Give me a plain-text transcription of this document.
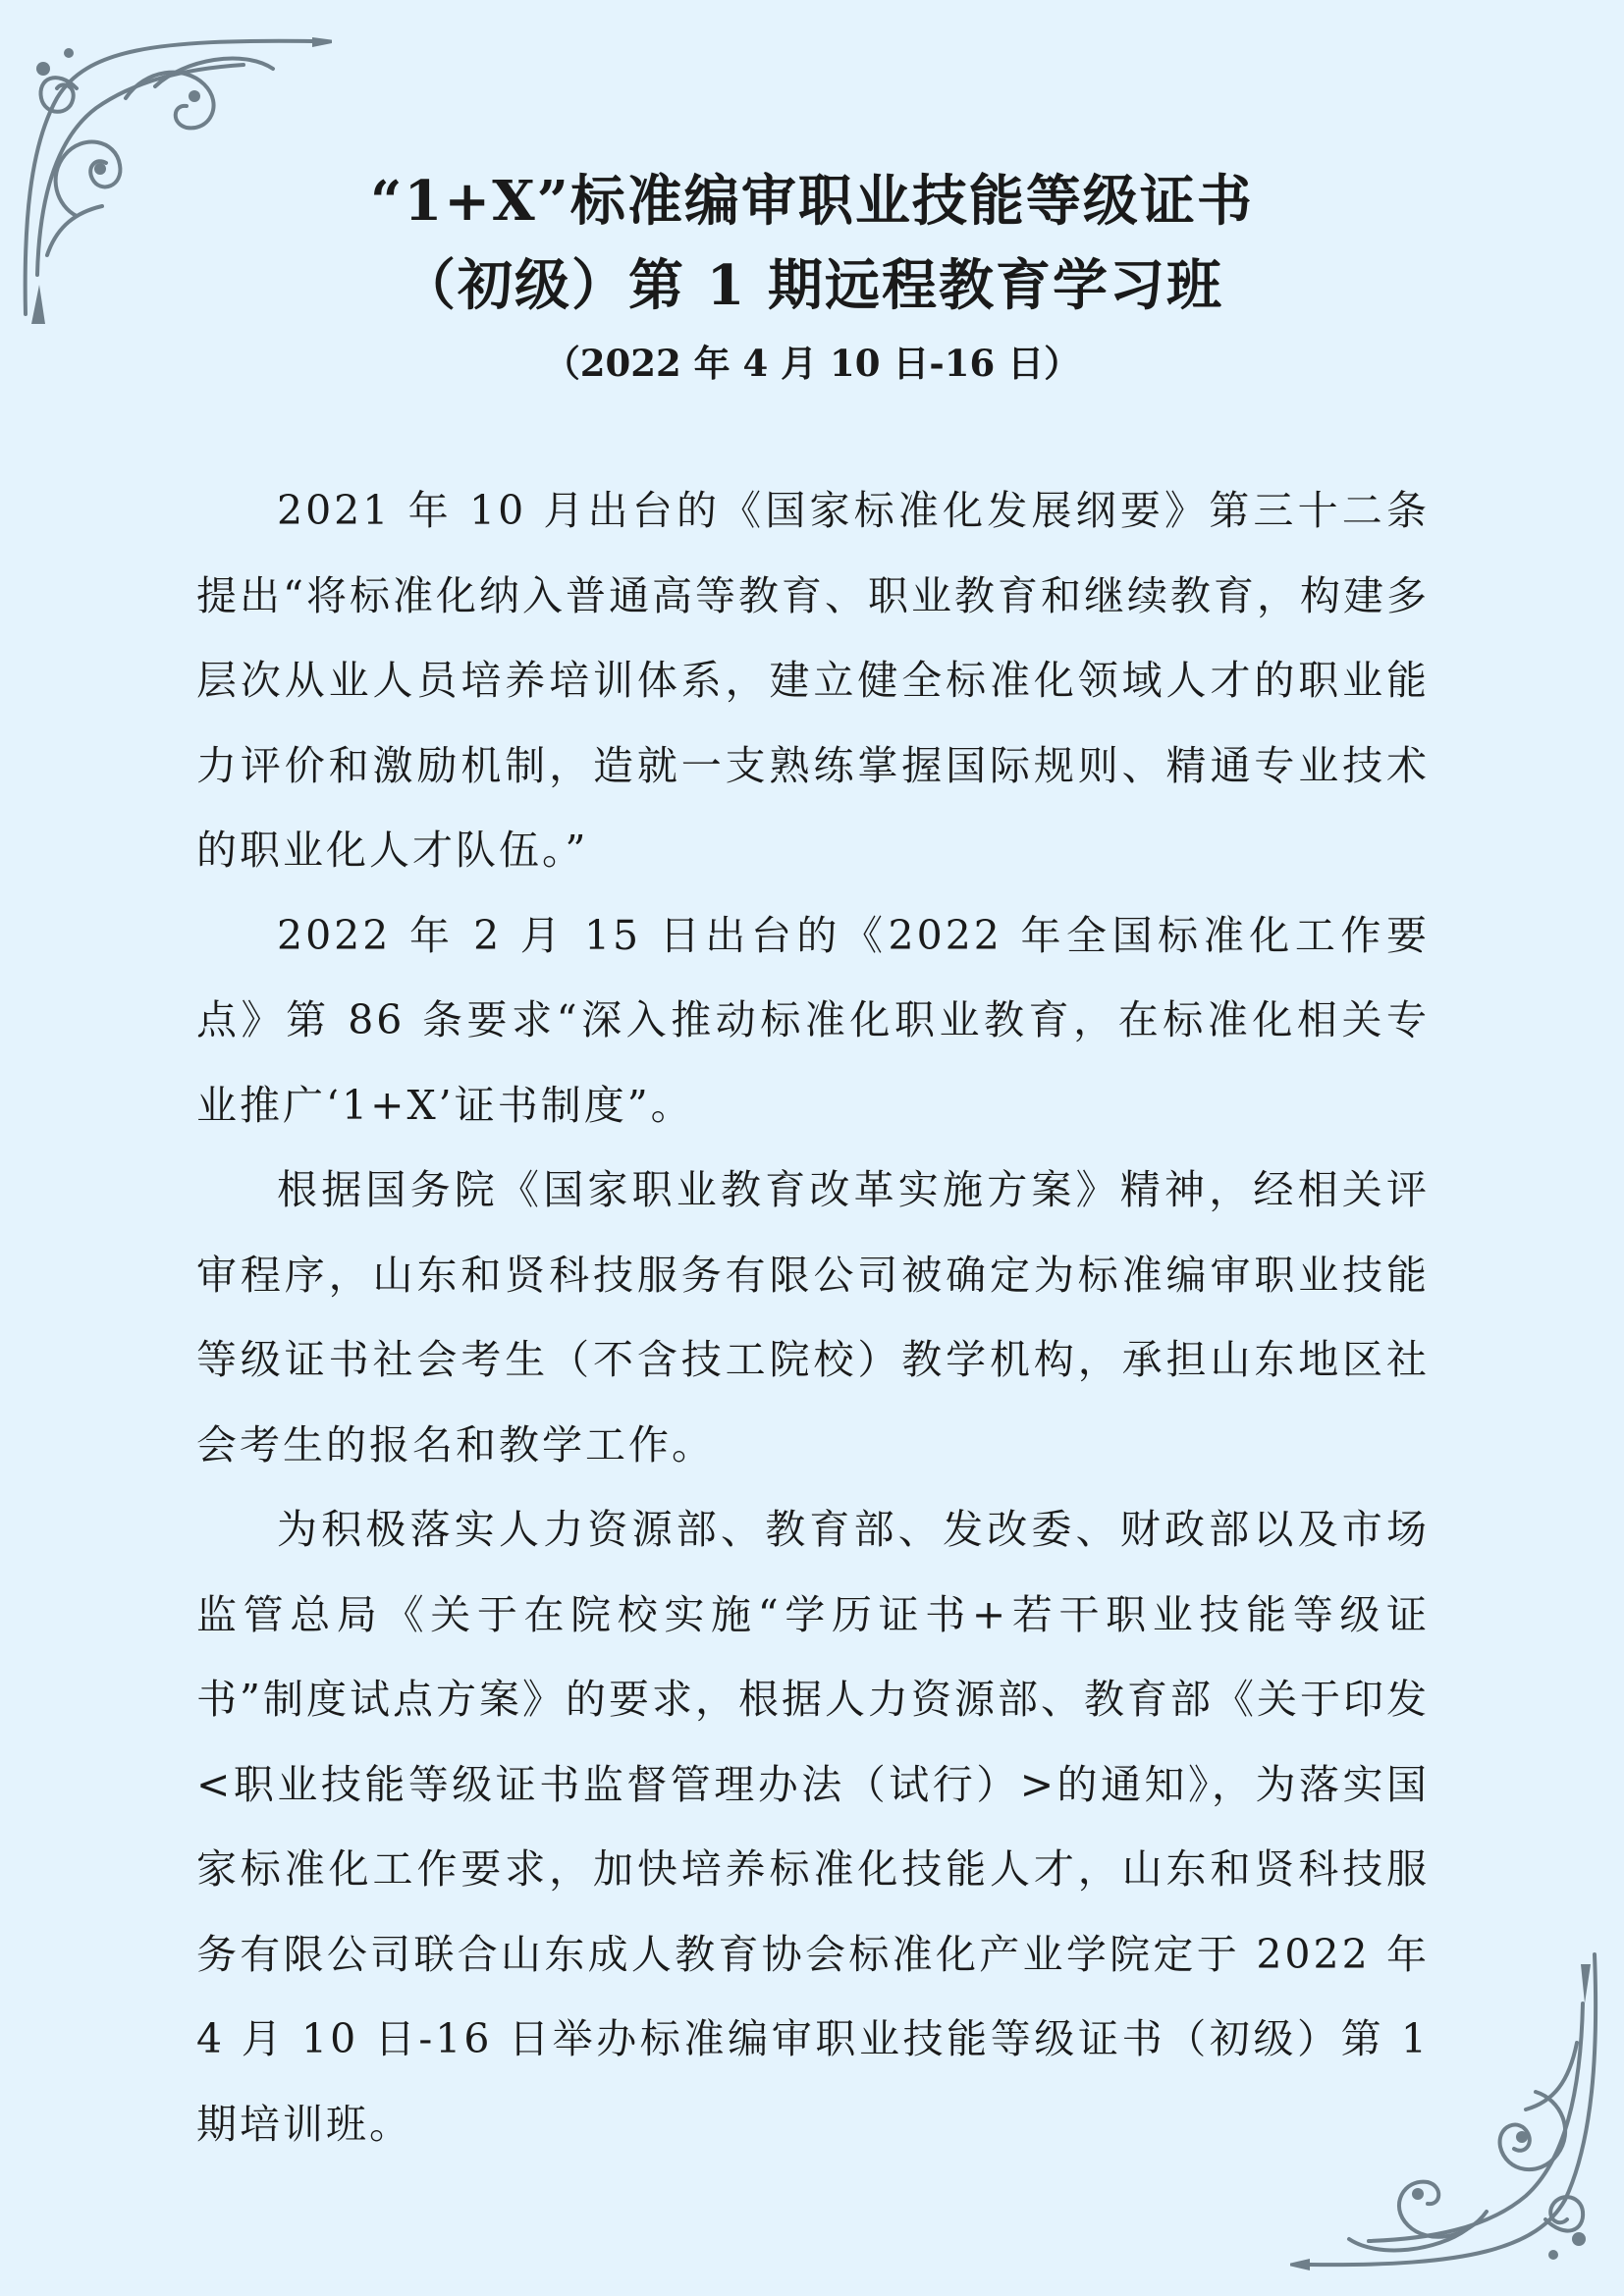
“1+X”标准编审职业技能等级证书
（初级）第 1 期远程教育学习班
（2022 年 4 月 10 日-16 日）

2021 年 10 月出台的《国家标准化发展纲要》第三十二条提出“将标准化纳入普通高等教育、职业教育和继续教育，构建多层次从业人员培养培训体系，建立健全标准化领域人才的职业能力评价和激励机制，造就一支熟练掌握国际规则、精通专业技术的职业化人才队伍。”

2022 年 2 月 15 日出台的《2022 年全国标准化工作要点》第 86 条要求“深入推动标准化职业教育，在标准化相关专业推广‘1+X’证书制度”。

根据国务院《国家职业教育改革实施方案》精神，经相关评审程序，山东和贤科技服务有限公司被确定为标准编审职业技能等级证书社会考生（不含技工院校）教学机构，承担山东地区社会考生的报名和教学工作。

为积极落实人力资源部、教育部、发改委、财政部以及市场监管总局《关于在院校实施“学历证书+若干职业技能等级证书”制度试点方案》的要求，根据人力资源部、教育部《关于印发<职业技能等级证书监督管理办法（试行）>的通知》，为落实国家标准化工作要求，加快培养标准化技能人才，山东和贤科技服务有限公司联合山东成人教育协会标准化产业学院定于 2022 年 4 月 10 日-16 日举办标准编审职业技能等级证书（初级）第 1 期培训班。
